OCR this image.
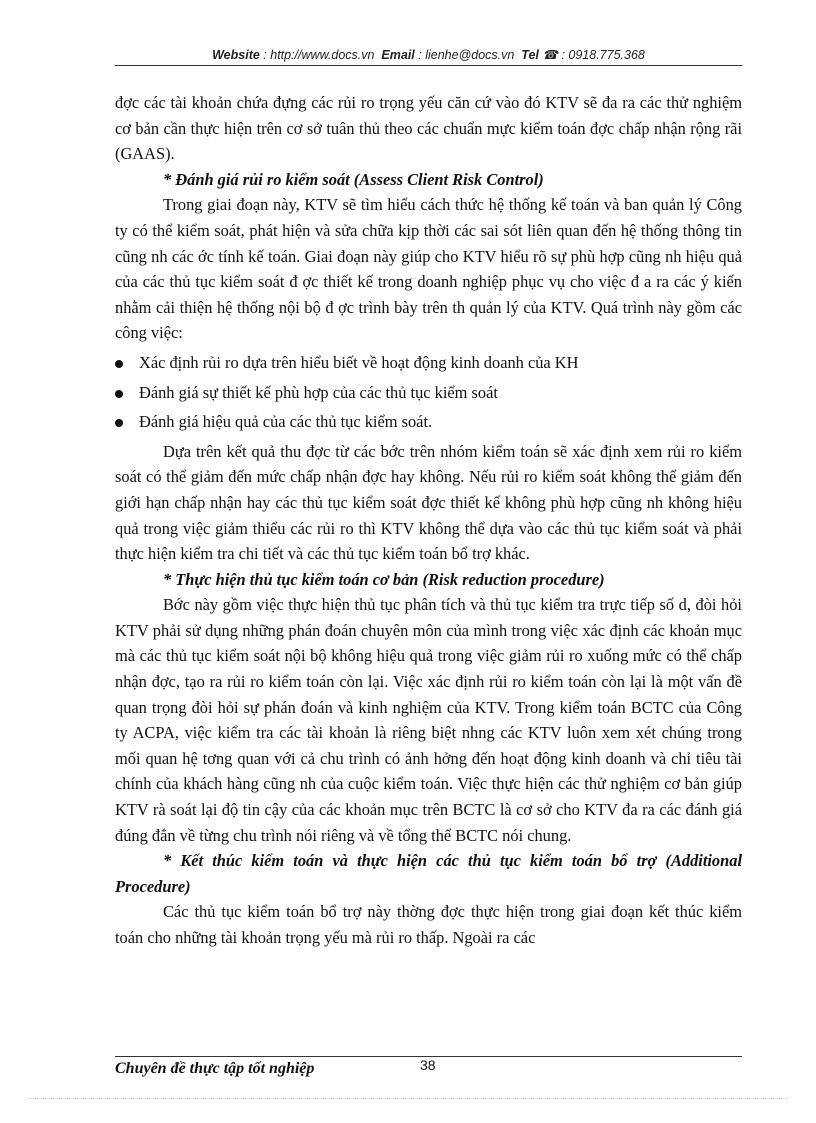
Website : http://www.docs.vn Email : lienhe@docs.vn Tel ☎ : 0918.775.368

đợc các tài khoản chứa đựng các rủi ro trọng yếu căn cứ vào đó KTV sẽ đa ra các thử nghiệm cơ bản cần thực hiện trên cơ sở tuân thủ theo các chuẩn mực kiểm toán đợc chấp nhận rộng rãi (GAAS).

* Đánh giá rủi ro kiểm soát (Assess Client Risk Control)

Trong giai đoạn này, KTV sẽ tìm hiểu cách thức hệ thống kế toán và ban quản lý Công ty có thể kiểm soát, phát hiện và sửa chữa kịp thời các sai sót liên quan đến hệ thống thông tin cũng nh các ớc tính kế toán. Giai đoạn này giúp cho KTV hiểu rõ sự phù hợp cũng nh hiệu quả của các thủ tục kiểm soát đ ợc thiết kế trong doanh nghiệp phục vụ cho việc đ a ra các ý kiến nhằm cải thiện hệ thống nội bộ đ ợc trình bày trên th quản lý của KTV. Quá trình này gồm các công việc:

Xác định rủi ro dựa trên hiểu biết về hoạt động kinh doanh của KH
Đánh giá sự thiết kế phù hợp của các thủ tục kiểm soát
Đánh giá hiệu quả của các thủ tục kiểm soát.

Dựa trên kết quả thu đợc từ các bớc trên nhóm kiểm toán sẽ xác định xem rủi ro kiểm soát có thể giảm đến mức chấp nhận đợc hay không. Nếu rủi ro kiểm soát không thể giảm đến giới hạn chấp nhận hay các thủ tục kiểm soát đợc thiết kế không phù hợp cũng nh không hiệu quả trong việc giảm thiểu các rủi ro thì KTV không thể dựa vào các thủ tục kiểm soát và phải thực hiện kiểm tra chi tiết và các thủ tục kiểm toán bổ trợ khác.

* Thực hiện thủ tục kiểm toán cơ bản (Risk reduction procedure)

Bớc này gồm việc thực hiện thủ tục phân tích và thủ tục kiểm tra trực tiếp số d, đòi hỏi KTV phải sử dụng những phán đoán chuyên môn của mình trong việc xác định các khoản mục mà các thủ tục kiểm soát nội bộ không hiệu quả trong việc giảm rủi ro xuống mức có thể chấp nhận đợc, tạo ra rủi ro kiểm toán còn lại. Việc xác định rủi ro kiểm toán còn lại là một vấn đề quan trọng đòi hỏi sự phán đoán và kinh nghiệm của KTV. Trong kiểm toán BCTC của Công ty ACPA, việc kiểm tra các tài khoản là riêng biệt nhng các KTV luôn xem xét chúng trong mối quan hệ tơng quan với cả chu trình có ảnh hởng đến hoạt động kinh doanh và chỉ tiêu tài chính của khách hàng cũng nh của cuộc kiểm toán. Việc thực hiện các thử nghiệm cơ bản giúp KTV rà soát lại độ tin cậy của các khoản mục trên BCTC là cơ sở cho KTV đa ra các đánh giá đúng đắn về từng chu trình nói riêng và về tổng thể BCTC nói chung.

* Kết thúc kiểm toán và thực hiện các thủ tục kiểm toán bổ trợ (Additional Procedure)

Các thủ tục kiểm toán bổ trợ này thờng đợc thực hiện trong giai đoạn kết thúc kiểm toán cho những tài khoản trọng yếu mà rủi ro thấp. Ngoài ra các

Chuyên đề thực tập tốt nghiệp	38
